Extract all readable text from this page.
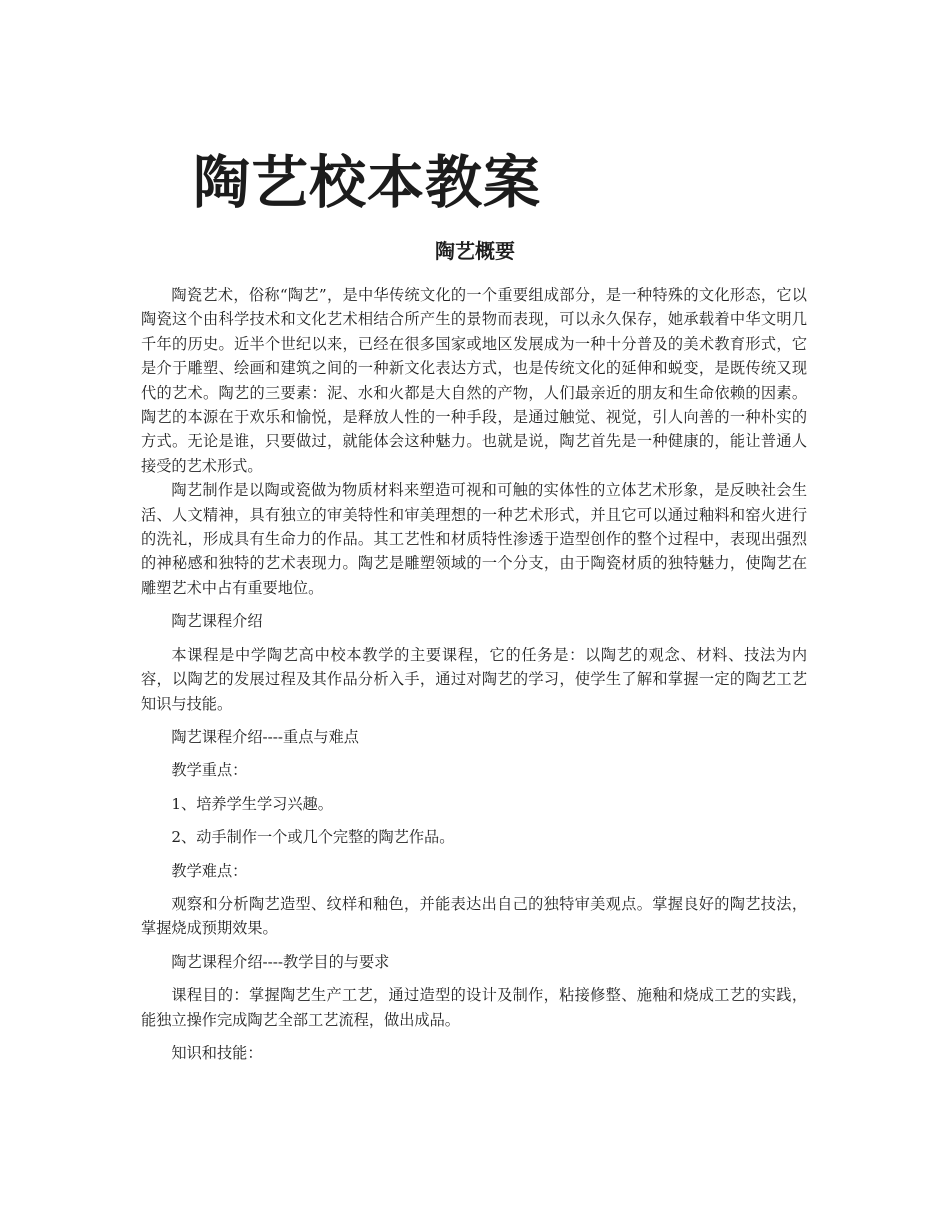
陶艺校本教案
陶艺概要

陶瓷艺术，俗称“陶艺”，是中华传统文化的一个重要组成部分，是一种特殊的文化形态，它以陶瓷这个由科学技术和文化艺术相结合所产生的景物而表现，可以永久保存，她承载着中华文明几千年的历史。近半个世纪以来，已经在很多国家或地区发展成为一种十分普及的美术教育形式，它是介于雕塑、绘画和建筑之间的一种新文化表达方式，也是传统文化的延伸和蜕变，是既传统又现代的艺术。陶艺的三要素：泥、水和火都是大自然的产物，人们最亲近的朋友和生命依赖的因素。陶艺的本源在于欢乐和愉悦，是释放人性的一种手段，是通过触觉、视觉，引人向善的一种朴实的方式。无论是谁，只要做过，就能体会这种魅力。也就是说，陶艺首先是一种健康的，能让普通人接受的艺术形式。

陶艺制作是以陶或瓷做为物质材料来塑造可视和可触的实体性的立体艺术形象，是反映社会生活、人文精神，具有独立的审美特性和审美理想的一种艺术形式，并且它可以通过釉料和窑火进行的洗礼，形成具有生命力的作品。其工艺性和材质特性渗透于造型创作的整个过程中，表现出强烈的神秘感和独特的艺术表现力。陶艺是雕塑领域的一个分支，由于陶瓷材质的独特魅力，使陶艺在雕塑艺术中占有重要地位。

陶艺课程介绍

本课程是中学陶艺高中校本教学的主要课程，它的任务是：以陶艺的观念、材料、技法为内容，以陶艺的发展过程及其作品分析入手，通过对陶艺的学习，使学生了解和掌握一定的陶艺工艺知识与技能。

陶艺课程介绍----重点与难点

教学重点：

1、培养学生学习兴趣。

2、动手制作一个或几个完整的陶艺作品。

教学难点：

观察和分析陶艺造型、纹样和釉色，并能表达出自己的独特审美观点。掌握良好的陶艺技法，掌握烧成预期效果。

陶艺课程介绍----教学目的与要求

课程目的：掌握陶艺生产工艺，通过造型的设计及制作，粘接修整、施釉和烧成工艺的实践，能独立操作完成陶艺全部工艺流程，做出成品。

知识和技能：
